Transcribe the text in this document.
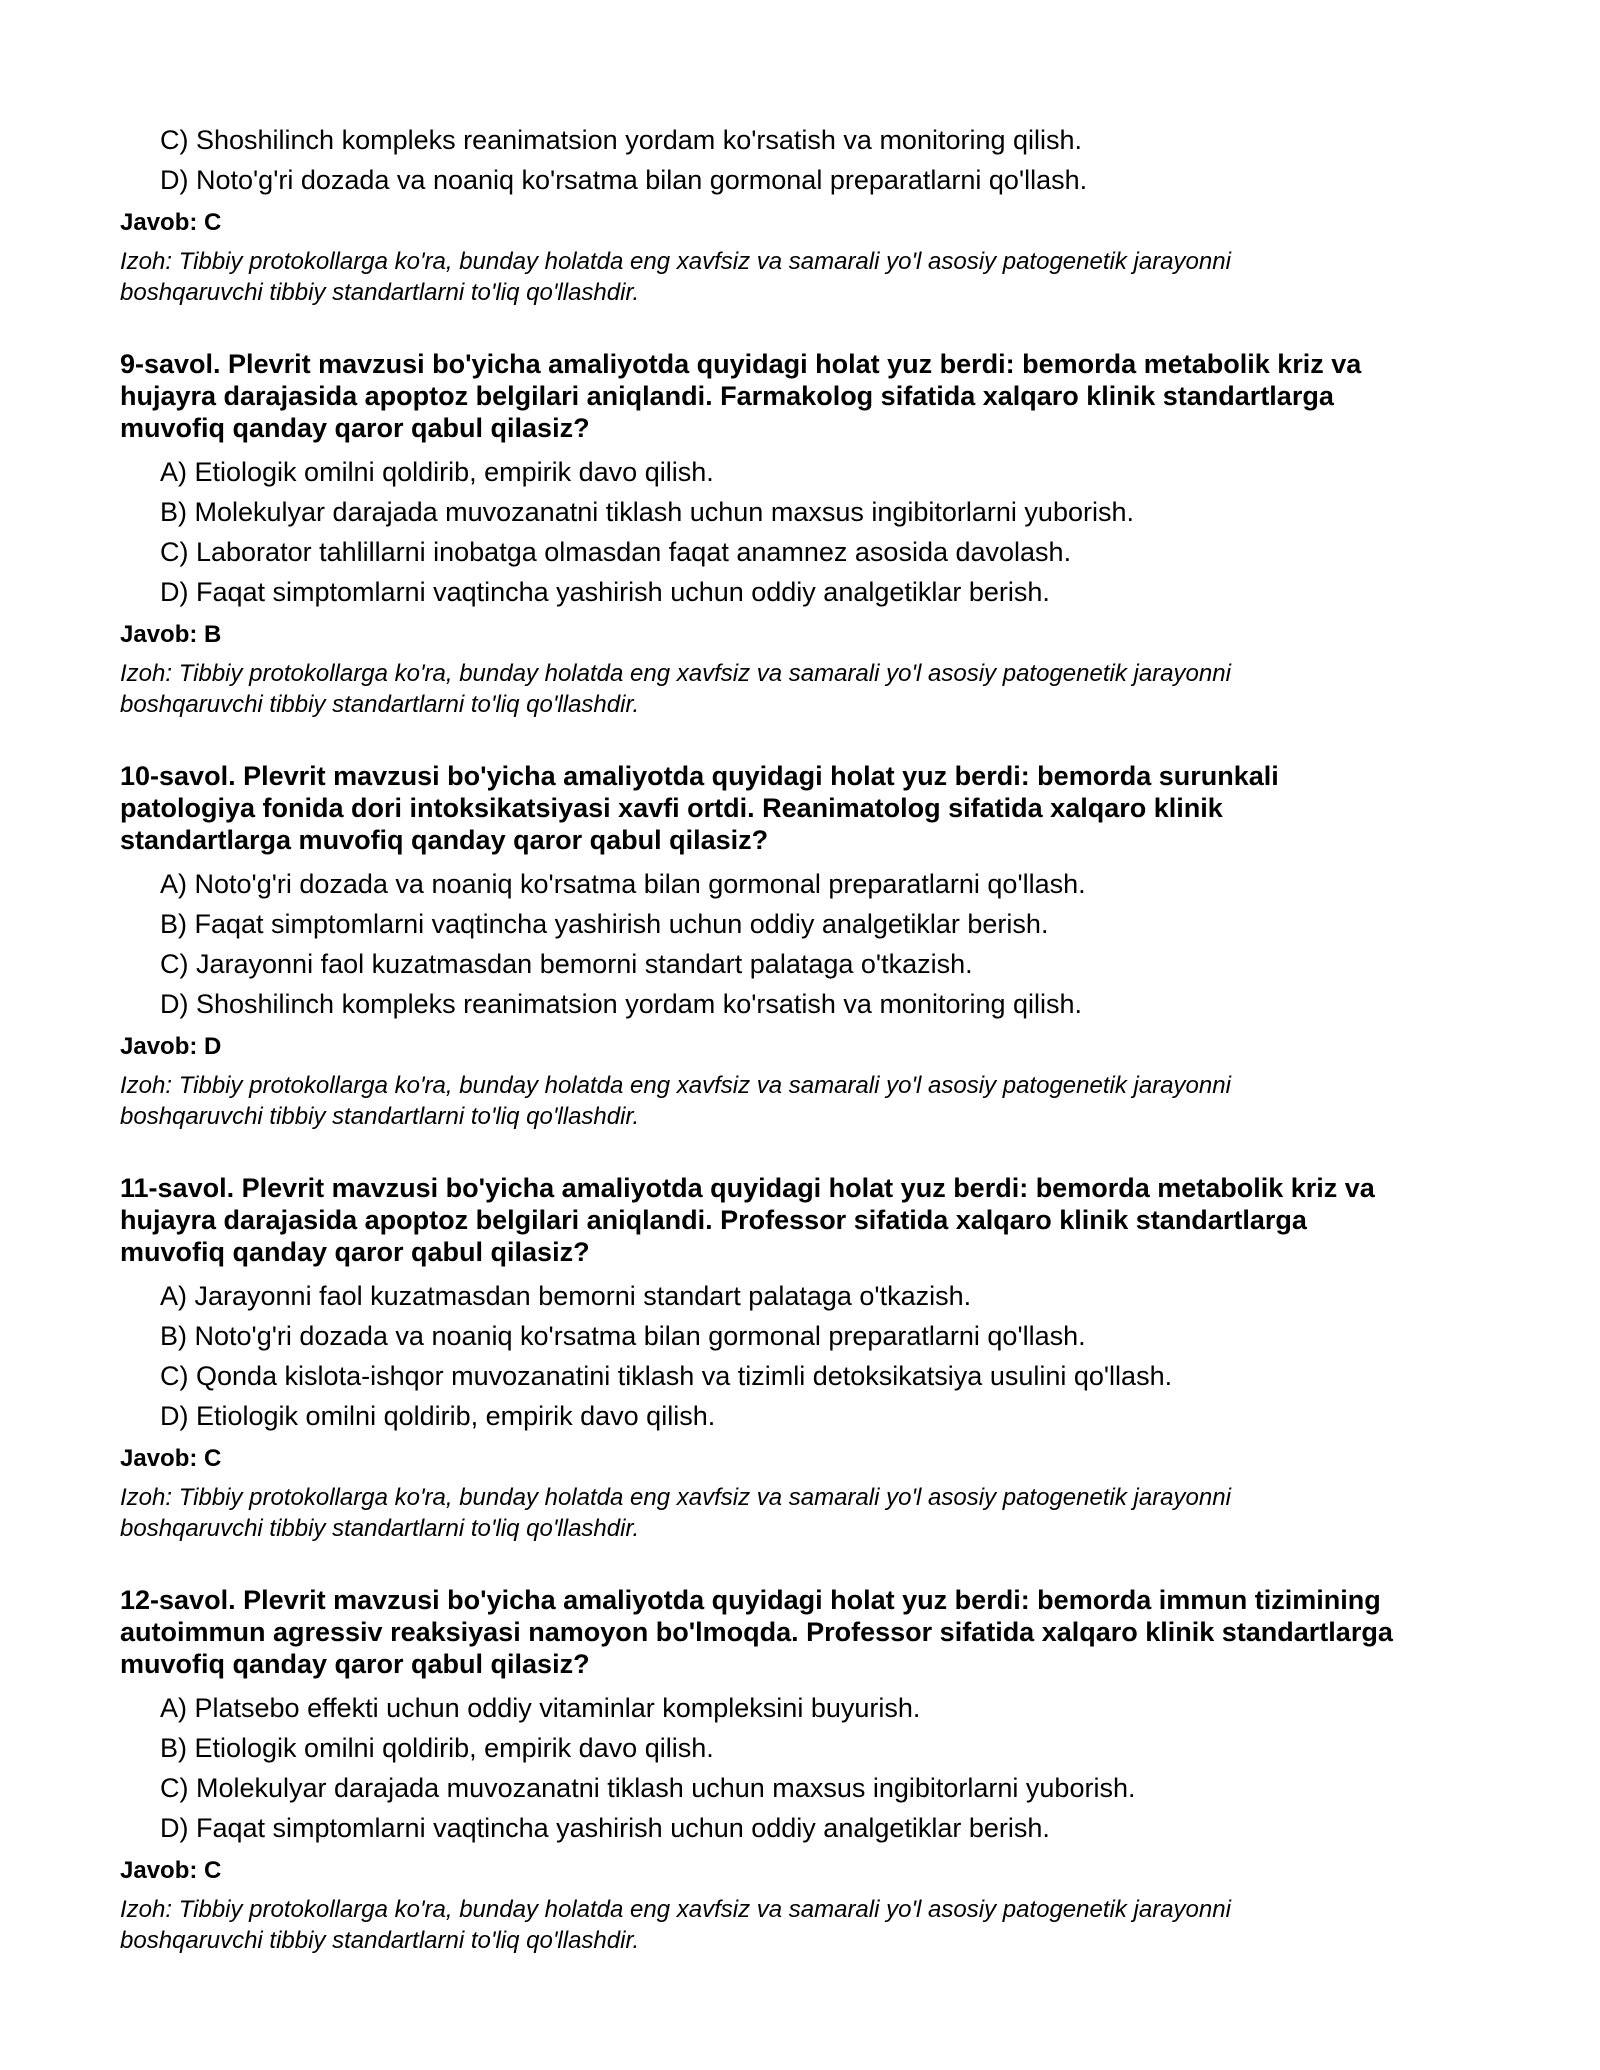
C) Shoshilinch kompleks reanimatsion yordam ko'rsatish va monitoring qilish.
D) Noto'g'ri dozada va noaniq ko'rsatma bilan gormonal preparatlarni qo'llash.
Javob: C
Izoh: Tibbiy protokollarga ko'ra, bunday holatda eng xavfsiz va samarali yo'l asosiy patogenetik jarayonni
boshqaruvchi tibbiy standartlarni to'liq qo'llashdir.
9-savol. Plevrit mavzusi bo'yicha amaliyotda quyidagi holat yuz berdi: bemorda metabolik kriz va
hujayra darajasida apoptoz belgilari aniqlandi. Farmakolog sifatida xalqaro klinik standartlarga
muvofiq qanday qaror qabul qilasiz?
A) Etiologik omilni qoldirib, empirik davo qilish.
B) Molekulyar darajada muvozanatni tiklash uchun maxsus ingibitorlarni yuborish.
C) Laborator tahlillarni inobatga olmasdan faqat anamnez asosida davolash.
D) Faqat simptomlarni vaqtincha yashirish uchun oddiy analgetiklar berish.
Javob: B
Izoh: Tibbiy protokollarga ko'ra, bunday holatda eng xavfsiz va samarali yo'l asosiy patogenetik jarayonni
boshqaruvchi tibbiy standartlarni to'liq qo'llashdir.
10-savol. Plevrit mavzusi bo'yicha amaliyotda quyidagi holat yuz berdi: bemorda surunkali
patologiya fonida dori intoksikatsiyasi xavfi ortdi. Reanimatolog sifatida xalqaro klinik
standartlarga muvofiq qanday qaror qabul qilasiz?
A) Noto'g'ri dozada va noaniq ko'rsatma bilan gormonal preparatlarni qo'llash.
B) Faqat simptomlarni vaqtincha yashirish uchun oddiy analgetiklar berish.
C) Jarayonni faol kuzatmasdan bemorni standart palataga o'tkazish.
D) Shoshilinch kompleks reanimatsion yordam ko'rsatish va monitoring qilish.
Javob: D
Izoh: Tibbiy protokollarga ko'ra, bunday holatda eng xavfsiz va samarali yo'l asosiy patogenetik jarayonni
boshqaruvchi tibbiy standartlarni to'liq qo'llashdir.
11-savol. Plevrit mavzusi bo'yicha amaliyotda quyidagi holat yuz berdi: bemorda metabolik kriz va
hujayra darajasida apoptoz belgilari aniqlandi. Professor sifatida xalqaro klinik standartlarga
muvofiq qanday qaror qabul qilasiz?
A) Jarayonni faol kuzatmasdan bemorni standart palataga o'tkazish.
B) Noto'g'ri dozada va noaniq ko'rsatma bilan gormonal preparatlarni qo'llash.
C) Qonda kislota-ishqor muvozanatini tiklash va tizimli detoksikatsiya usulini qo'llash.
D) Etiologik omilni qoldirib, empirik davo qilish.
Javob: C
Izoh: Tibbiy protokollarga ko'ra, bunday holatda eng xavfsiz va samarali yo'l asosiy patogenetik jarayonni
boshqaruvchi tibbiy standartlarni to'liq qo'llashdir.
12-savol. Plevrit mavzusi bo'yicha amaliyotda quyidagi holat yuz berdi: bemorda immun tizimining
autoimmun agressiv reaksiyasi namoyon bo'lmoqda. Professor sifatida xalqaro klinik standartlarga
muvofiq qanday qaror qabul qilasiz?
A) Platsebo effekti uchun oddiy vitaminlar kompleksini buyurish.
B) Etiologik omilni qoldirib, empirik davo qilish.
C) Molekulyar darajada muvozanatni tiklash uchun maxsus ingibitorlarni yuborish.
D) Faqat simptomlarni vaqtincha yashirish uchun oddiy analgetiklar berish.
Javob: C
Izoh: Tibbiy protokollarga ko'ra, bunday holatda eng xavfsiz va samarali yo'l asosiy patogenetik jarayonni
boshqaruvchi tibbiy standartlarni to'liq qo'llashdir.
